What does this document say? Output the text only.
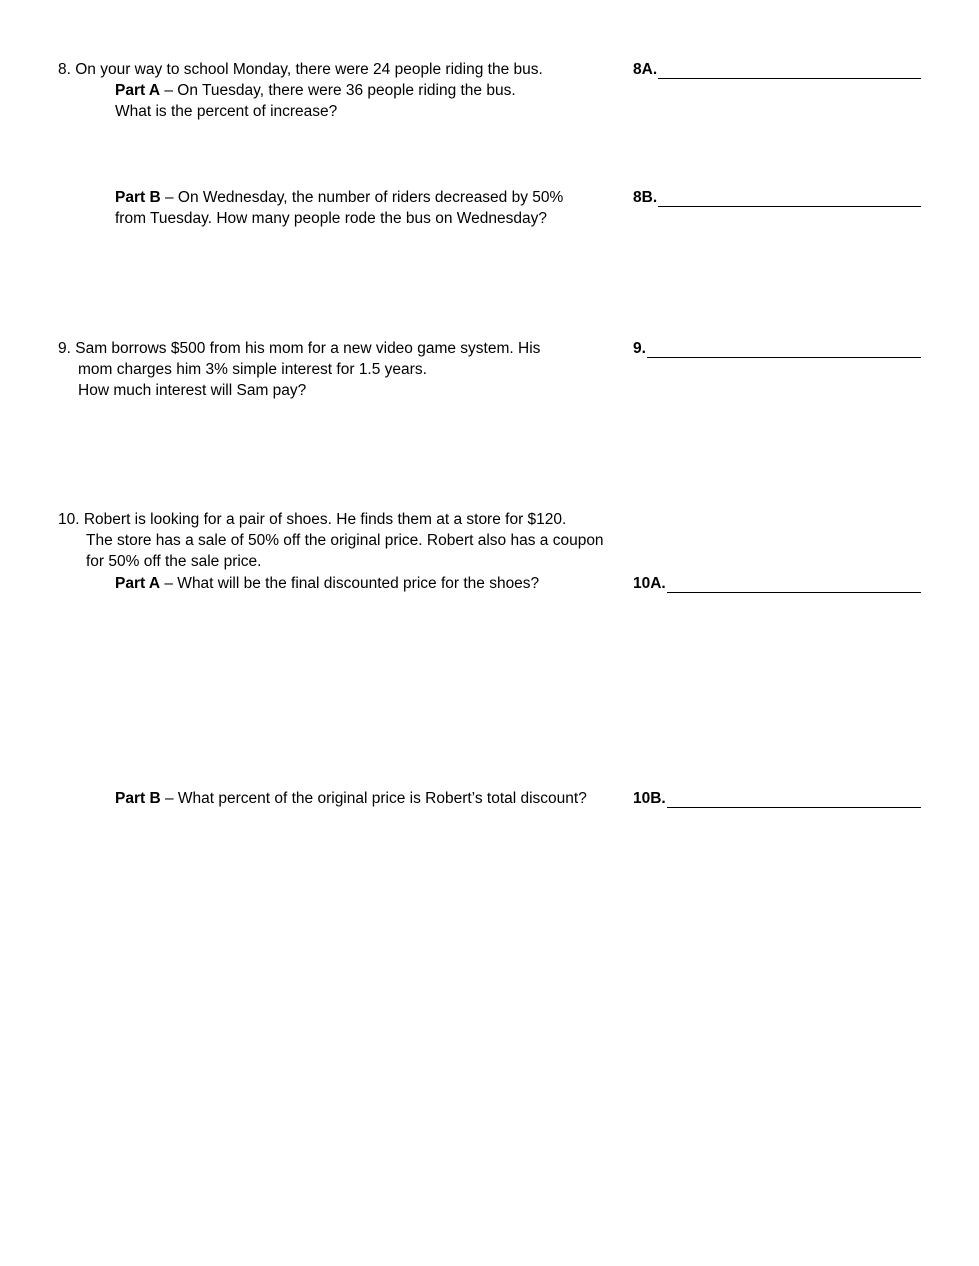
8. On your way to school Monday, there were 24 people riding the bus.
Part A – On Tuesday, there were 36 people riding the bus.
What is the percent of increase?
8A.
Part B – On Wednesday, the number of riders decreased by 50%
from Tuesday. How many people rode the bus on Wednesday?
8B.
9. Sam borrows $500 from his mom for a new video game system. His
mom charges him 3% simple interest for 1.5 years.
How much interest will Sam pay?
9.
10. Robert is looking for a pair of shoes. He finds them at a store for $120.
The store has a sale of 50% off the original price. Robert also has a coupon
for 50% off the sale price.
Part A – What will be the final discounted price for the shoes?	10A.
Part B – What percent of the original price is Robert’s total discount?	10B.
